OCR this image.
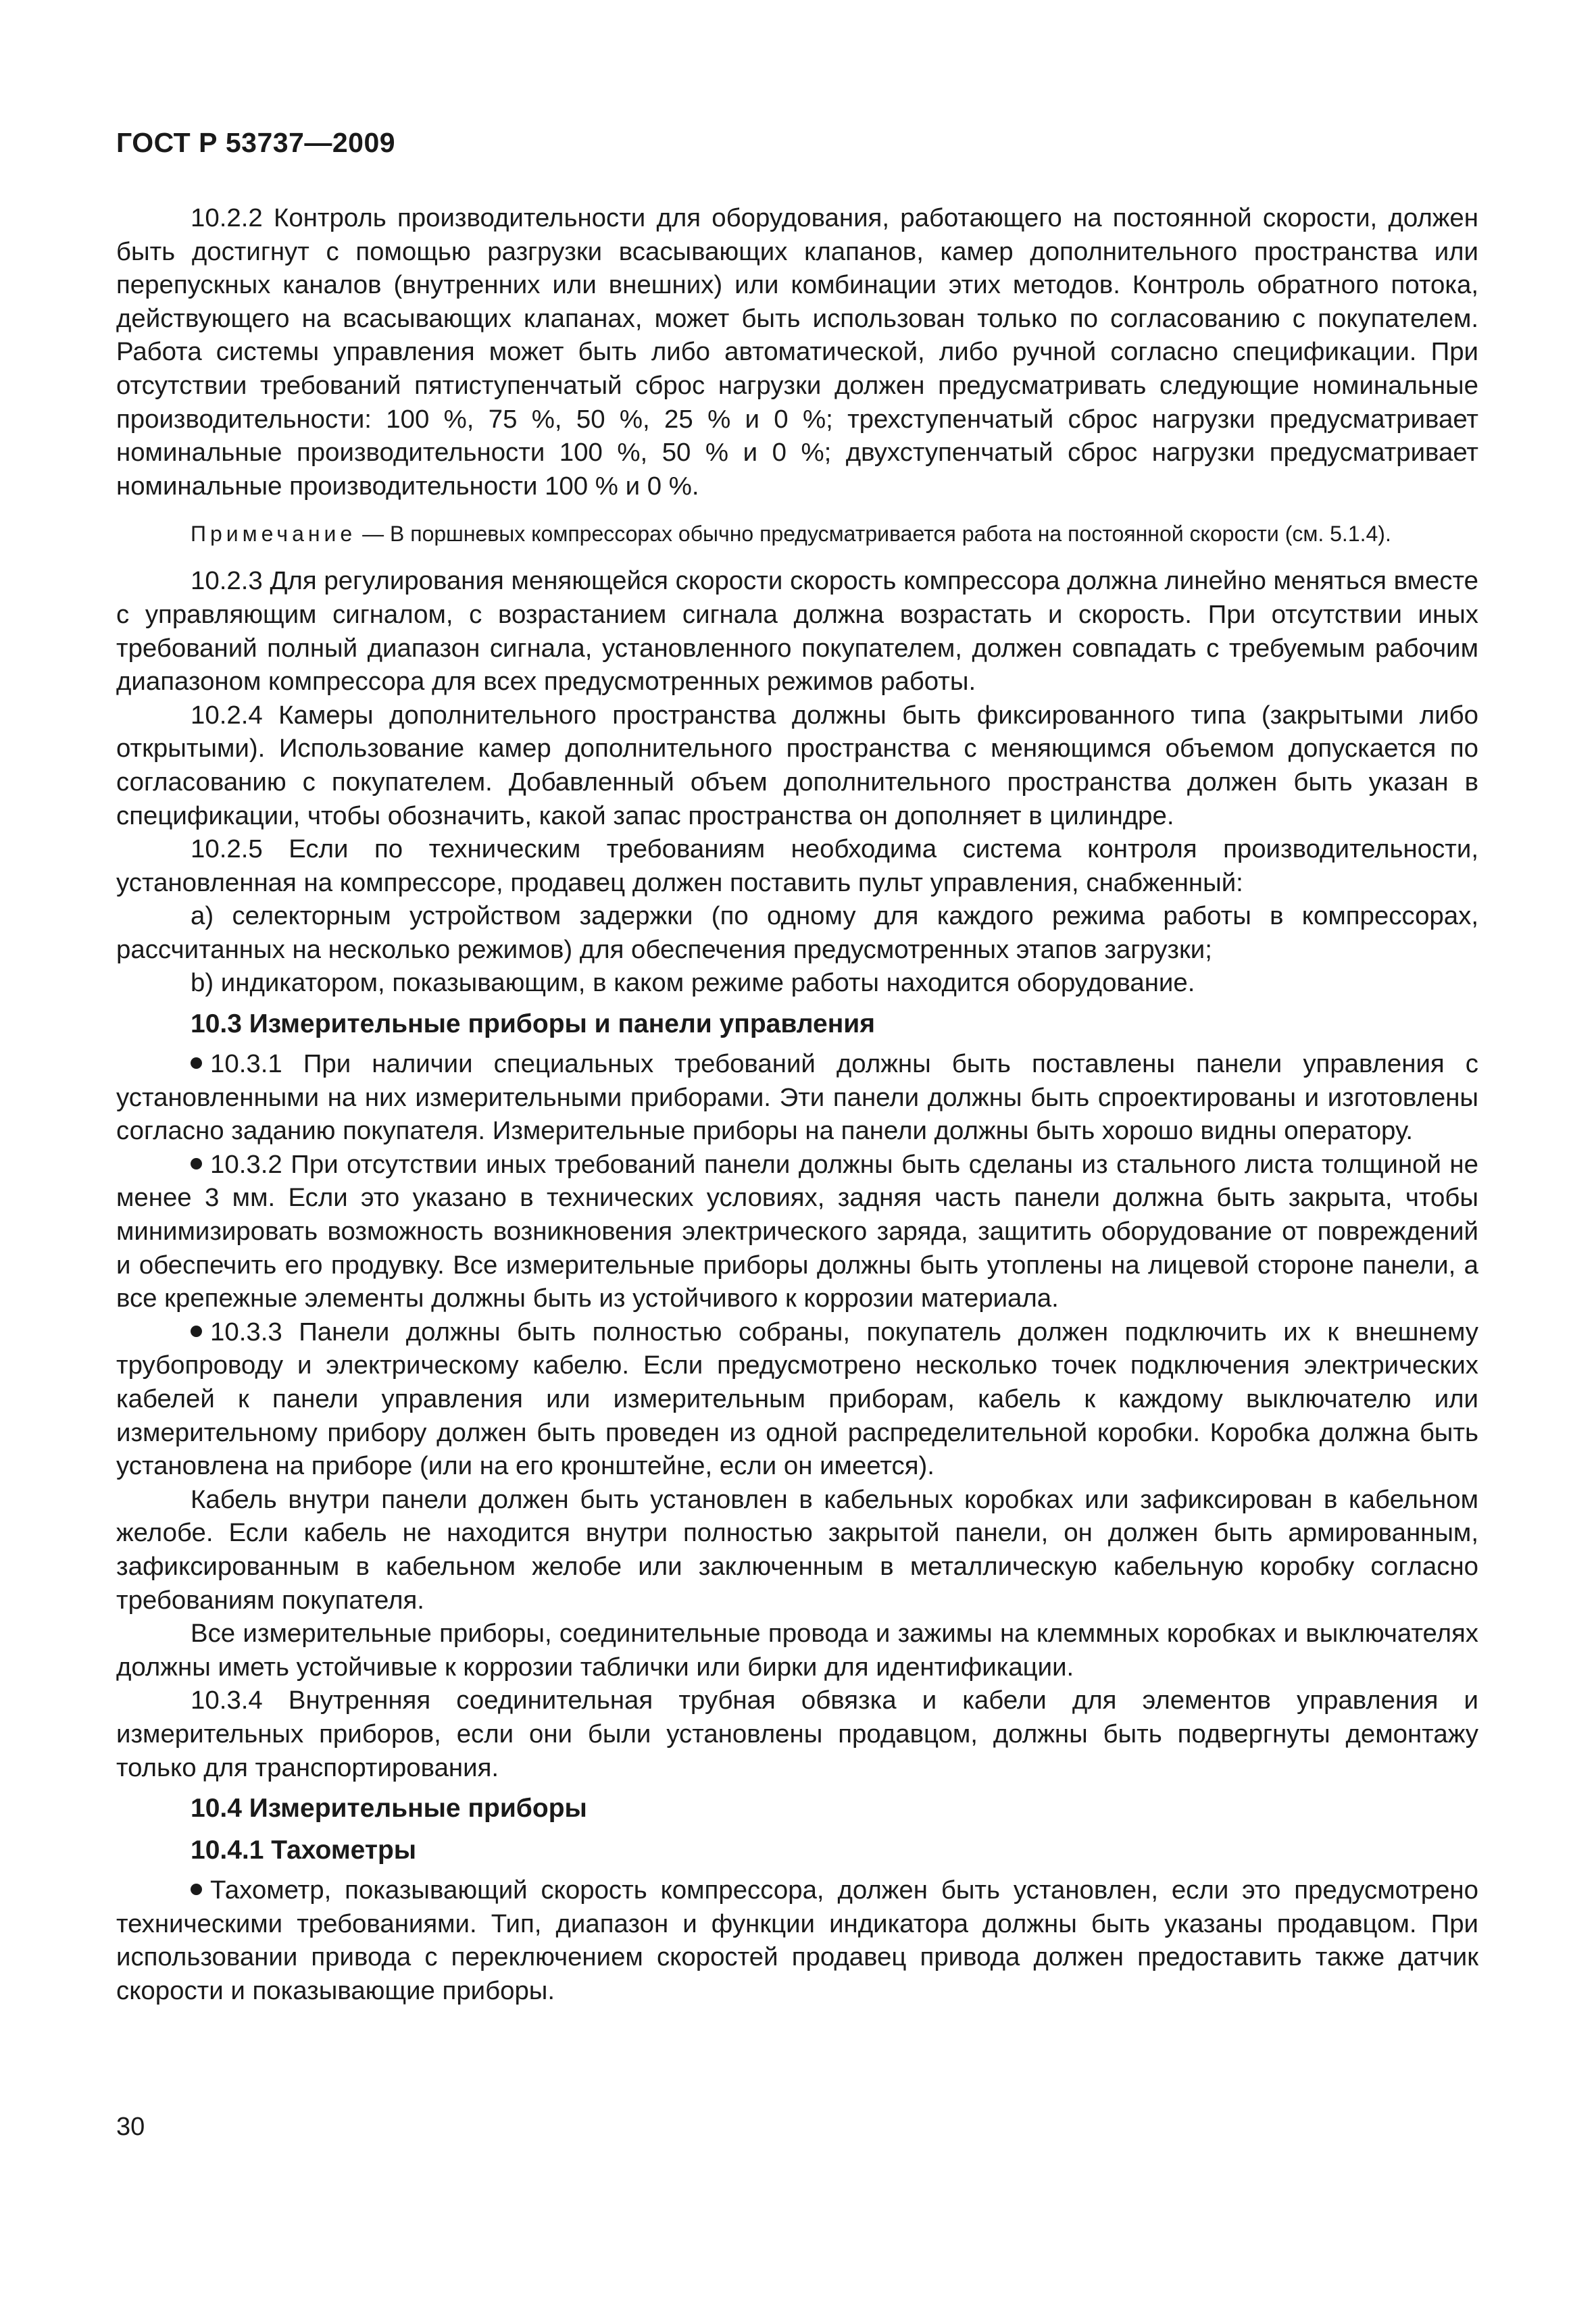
ГОСТ Р 53737—2009

10.2.2 Контроль производительности для оборудования, работающего на постоянной скорости, должен быть достигнут с помощью разгрузки всасывающих клапанов, камер дополнительного пространства или перепускных каналов (внутренних или внешних) или комбинации этих методов. Контроль обратного потока, действующего на всасывающих клапанах, может быть использован только по согласованию с покупателем. Работа системы управления может быть либо автоматической, либо ручной согласно спецификации. При отсутствии требований пятиступенчатый сброс нагрузки должен предусматривать следующие номинальные производительности: 100 %, 75 %, 50 %, 25 % и 0 %; трехступенчатый сброс нагрузки предусматривает номинальные производительности 100 %, 50 % и 0 %; двухступенчатый сброс нагрузки предусматривает номинальные производительности 100 % и 0 %.

Примечание — В поршневых компрессорах обычно предусматривается работа на постоянной скорости (см. 5.1.4).

10.2.3 Для регулирования меняющейся скорости скорость компрессора должна линейно меняться вместе с управляющим сигналом, с возрастанием сигнала должна возрастать и скорость. При отсутствии иных требований полный диапазон сигнала, установленного покупателем, должен совпадать с требуемым рабочим диапазоном компрессора для всех предусмотренных режимов работы.

10.2.4 Камеры дополнительного пространства должны быть фиксированного типа (закрытыми либо открытыми). Использование камер дополнительного пространства с меняющимся объемом допускается по согласованию с покупателем. Добавленный объем дополнительного пространства должен быть указан в спецификации, чтобы обозначить, какой запас пространства он дополняет в цилиндре.

10.2.5 Если по техническим требованиям необходима система контроля производительности, установленная на компрессоре, продавец должен поставить пульт управления, снабженный:

a) селекторным устройством задержки (по одному для каждого режима работы в компрессорах, рассчитанных на несколько режимов) для обеспечения предусмотренных этапов загрузки;

b) индикатором, показывающим, в каком режиме работы находится оборудование.

10.3 Измерительные приборы и панели управления

10.3.1 При наличии специальных требований должны быть поставлены панели управления с установленными на них измерительными приборами. Эти панели должны быть спроектированы и изготовлены согласно заданию покупателя. Измерительные приборы на панели должны быть хорошо видны оператору.

10.3.2 При отсутствии иных требований панели должны быть сделаны из стального листа толщиной не менее 3 мм. Если это указано в технических условиях, задняя часть панели должна быть закрыта, чтобы минимизировать возможность возникновения электрического заряда, защитить оборудование от повреждений и обеспечить его продувку. Все измерительные приборы должны быть утоплены на лицевой стороне панели, а все крепежные элементы должны быть из устойчивого к коррозии материала.

10.3.3 Панели должны быть полностью собраны, покупатель должен подключить их к внешнему трубопроводу и электрическому кабелю. Если предусмотрено несколько точек подключения электрических кабелей к панели управления или измерительным приборам, кабель к каждому выключателю или измерительному прибору должен быть проведен из одной распределительной коробки. Коробка должна быть установлена на приборе (или на его кронштейне, если он имеется).

Кабель внутри панели должен быть установлен в кабельных коробках или зафиксирован в кабельном желобе. Если кабель не находится внутри полностью закрытой панели, он должен быть армированным, зафиксированным в кабельном желобе или заключенным в металлическую кабельную коробку согласно требованиям покупателя.

Все измерительные приборы, соединительные провода и зажимы на клеммных коробках и выключателях должны иметь устойчивые к коррозии таблички или бирки для идентификации.

10.3.4 Внутренняя соединительная трубная обвязка и кабели для элементов управления и измерительных приборов, если они были установлены продавцом, должны быть подвергнуты демонтажу только для транспортирования.

10.4 Измерительные приборы
10.4.1 Тахометры

Тахометр, показывающий скорость компрессора, должен быть установлен, если это предусмотрено техническими требованиями. Тип, диапазон и функции индикатора должны быть указаны продавцом. При использовании привода с переключением скоростей продавец привода должен предоставить также датчик скорости и показывающие приборы.

30
